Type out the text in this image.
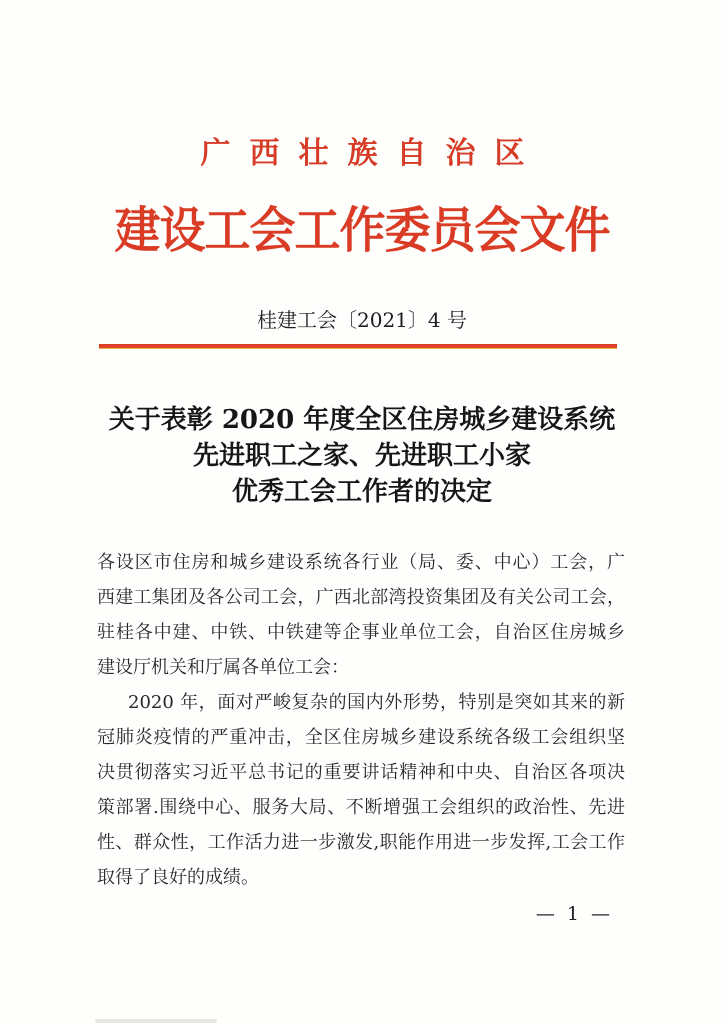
广西壮族自治区
建设工会工作委员会文件
桂建工会〔2021〕4 号
关于表彰 2020 年度全区住房城乡建设系统
先进职工之家、先进职工小家
优秀工会工作者的决定
各设区市住房和城乡建设系统各行业（局、委、中心）工会，广
西建工集团及各公司工会，广西北部湾投资集团及有关公司工会，
驻桂各中建、中铁、中铁建等企事业单位工会，自治区住房城乡
建设厅机关和厅属各单位工会：
2020 年，面对严峻复杂的国内外形势，特别是突如其来的新
冠肺炎疫情的严重冲击，全区住房城乡建设系统各级工会组织坚
决贯彻落实习近平总书记的重要讲话精神和中央、自治区各项决
策部署.围绕中心、服务大局、不断增强工会组织的政治性、先进
性、群众性，工作活力进一步激发,职能作用进一步发挥,工会工作
取得了良好的成绩。
— 1 —
